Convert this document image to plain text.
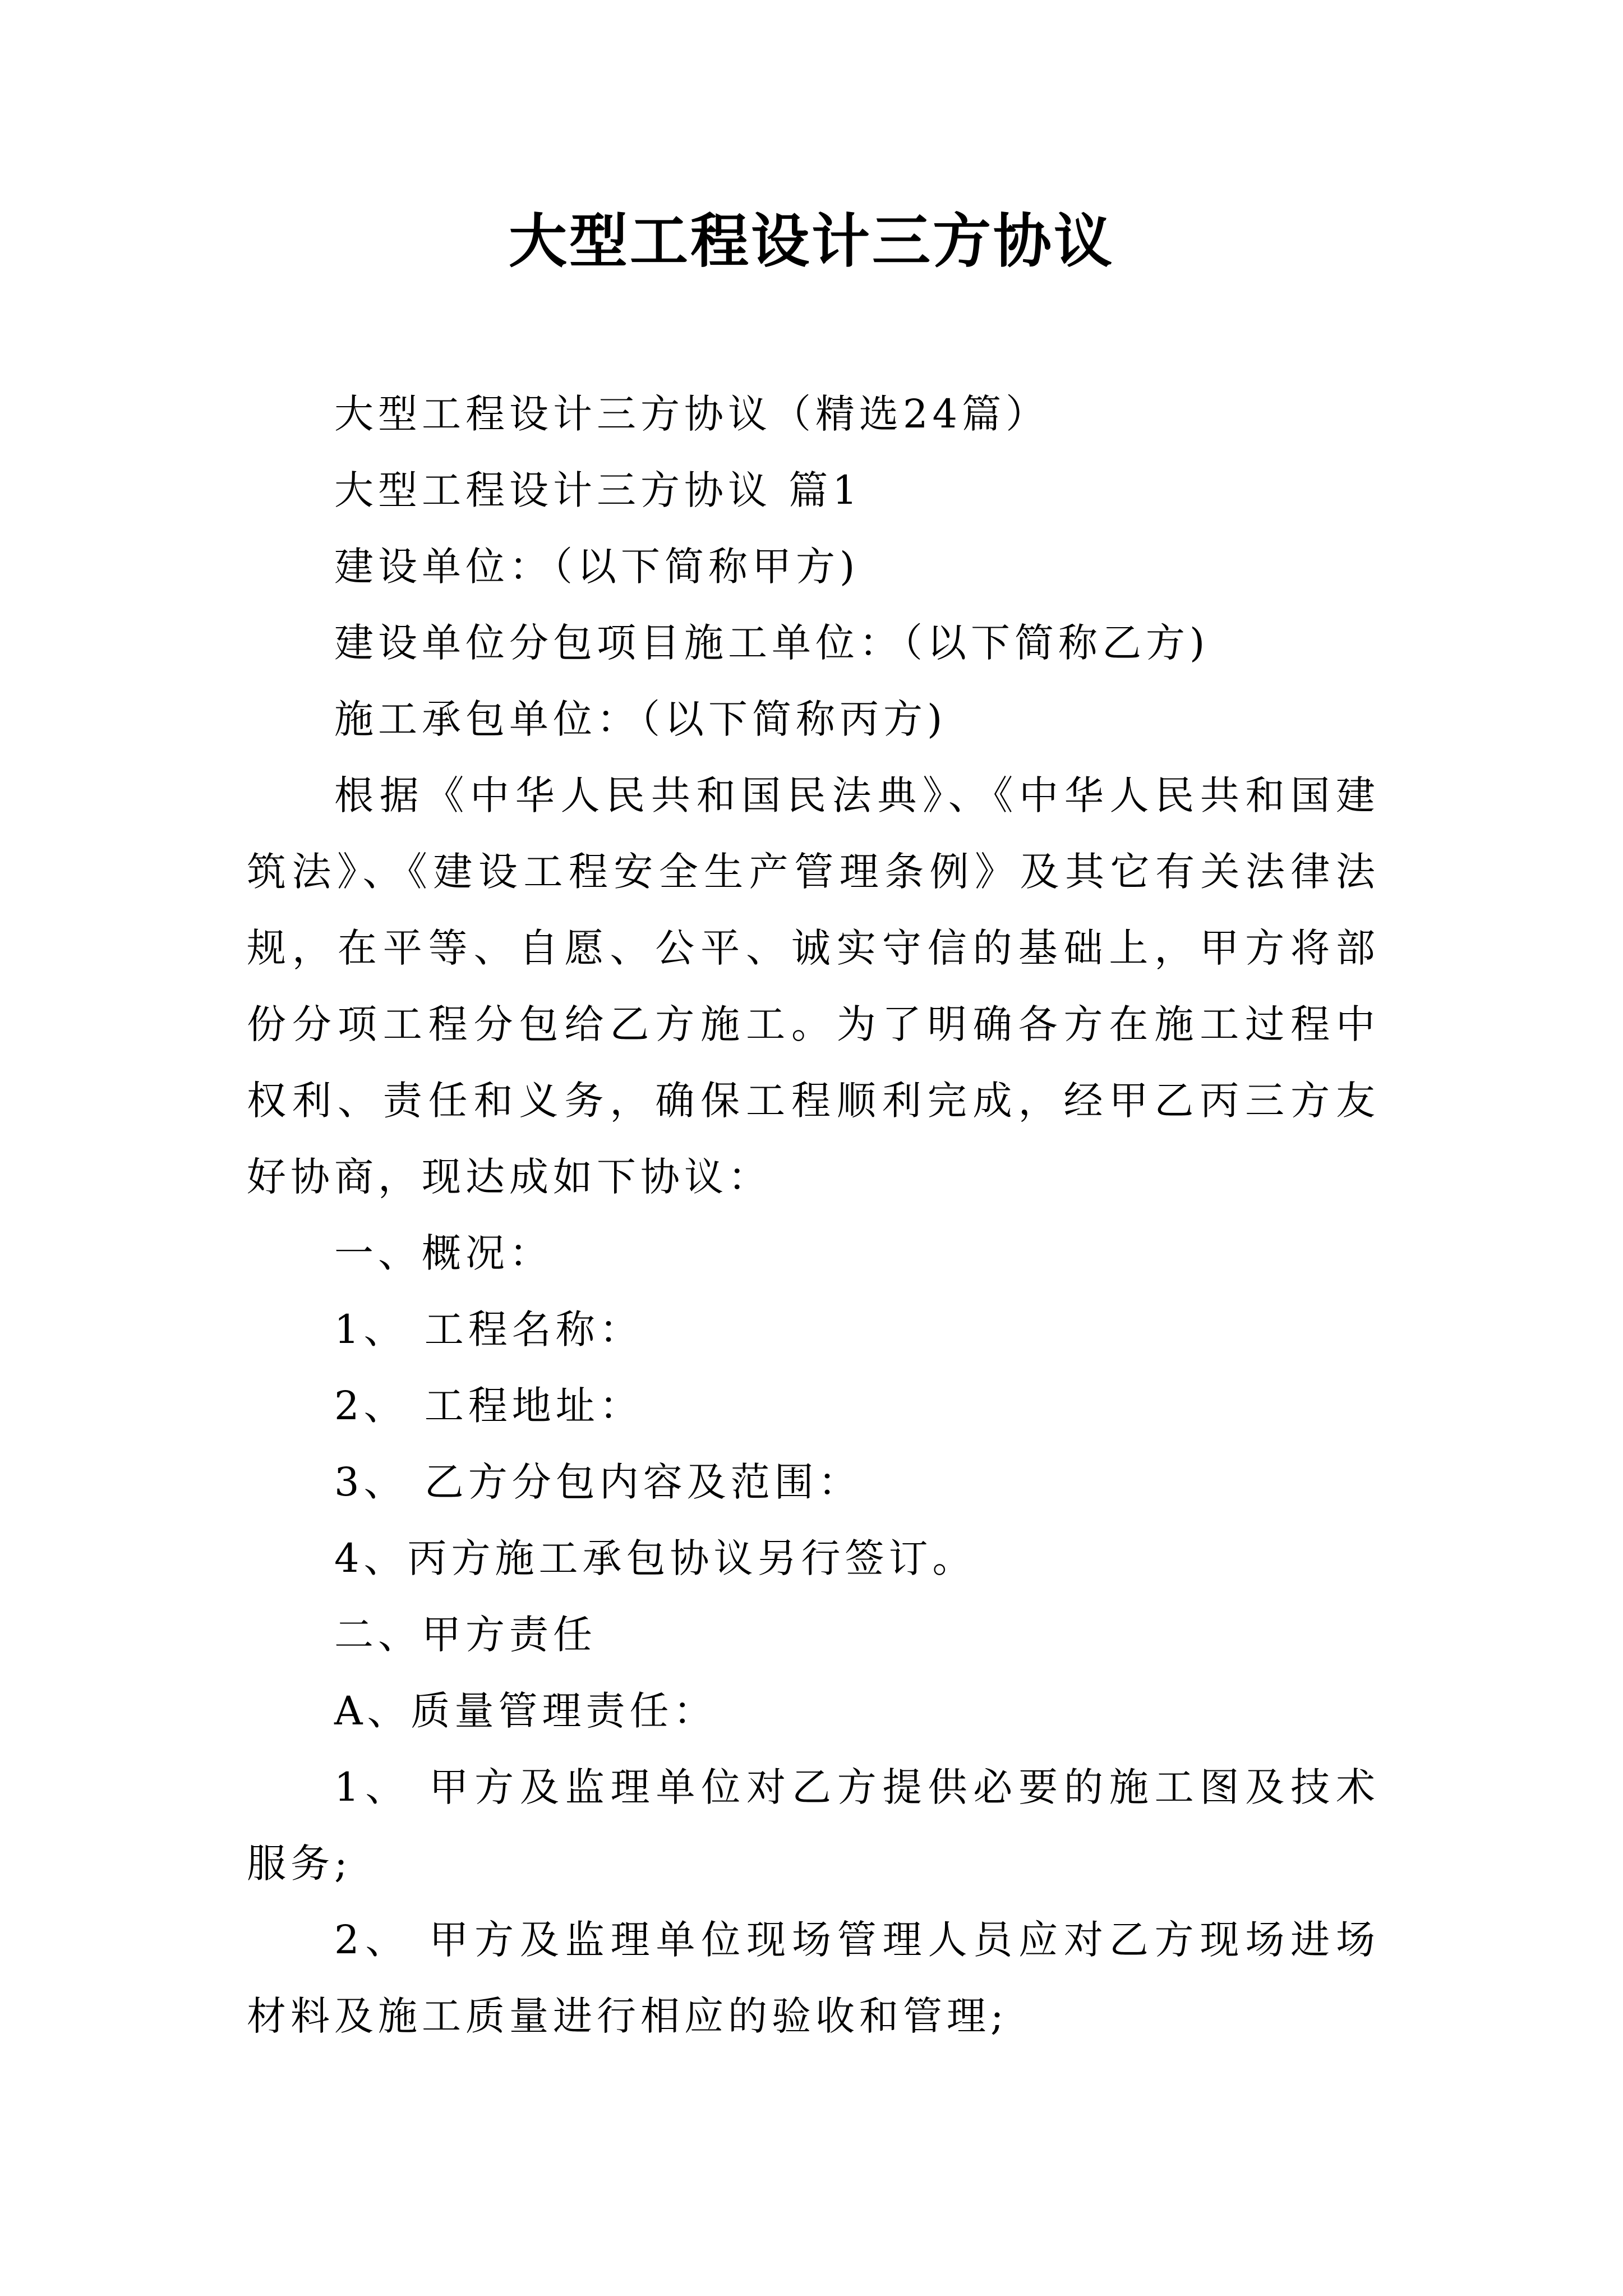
大型工程设计三方协议

大型工程设计三方协议（精选24篇）

大型工程设计三方协议 篇1

建设单位：（以下简称甲方)

建设单位分包项目施工单位：（以下简称乙方)

施工承包单位：（以下简称丙方)

根据《中华人民共和国民法典》、《中华人民共和国建筑法》、《建设工程安全生产管理条例》及其它有关法律法规，在平等、自愿、公平、诚实守信的基础上，甲方将部份分项工程分包给乙方施工。为了明确各方在施工过程中权利、责任和义务，确保工程顺利完成，经甲乙丙三方友好协商，现达成如下协议：

一、概况：

1、 工程名称：

2、 工程地址：

3、 乙方分包内容及范围：

4、丙方施工承包协议另行签订。

二、甲方责任

A、质量管理责任：

1、 甲方及监理单位对乙方提供必要的施工图及技术服务;

2、 甲方及监理单位现场管理人员应对乙方现场进场材料及施工质量进行相应的验收和管理;
